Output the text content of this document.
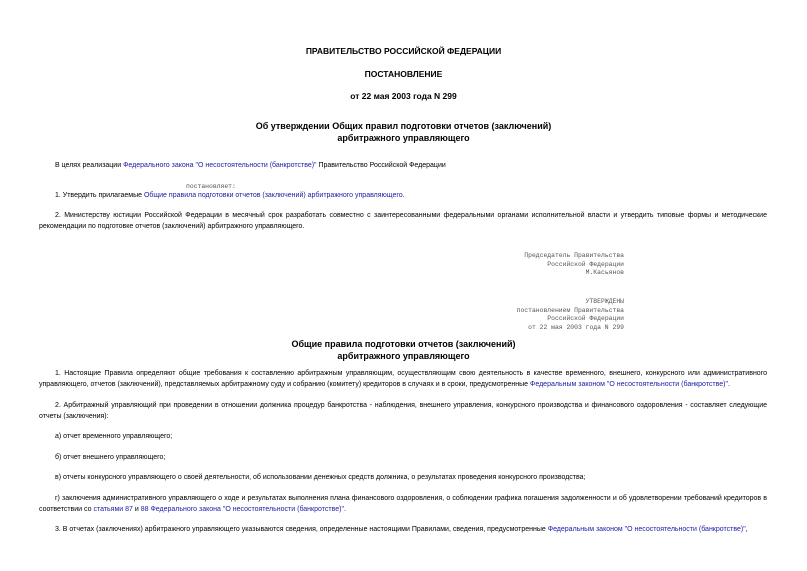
ПРАВИТЕЛЬСТВО РОССИЙСКОЙ ФЕДЕРАЦИИ
ПОСТАНОВЛЕНИЕ
от 22 мая 2003 года N 299
Об утверждении Общих правил подготовки отчетов (заключений)
арбитражного управляющего
В целях реализации Федерального закона "О несостоятельности (банкротстве)" Правительство Российской Федерации
постановляет:
1. Утвердить прилагаемые Общие правила подготовки отчетов (заключений) арбитражного управляющего.
2. Министерству юстиции Российской Федерации в месячный срок разработать совместно с заинтересованными федеральными органами исполнительной власти и утвердить типовые формы и методические рекомендации по подготовке отчетов (заключений) арбитражного управляющего.
Председатель Правительства
Российской Федерации
М.Касьянов
УТВЕРЖДЕНЫ
постановлением Правительства
Российской Федерации
от 22 мая 2003 года N 299
Общие правила подготовки отчетов (заключений)
арбитражного управляющего
1. Настоящие Правила определяют общие требования к составлению арбитражным управляющим, осуществляющим свою деятельность в качестве временного, внешнего, конкурсного или административного управляющего, отчетов (заключений), представляемых арбитражному суду и собранию (комитету) кредиторов в случаях и в сроки, предусмотренные Федеральным законом "О несостоятельности (банкротстве)".
2. Арбитражный управляющий при проведении в отношении должника процедур банкротства - наблюдения, внешнего управления, конкурсного производства и финансового оздоровления - составляет следующие отчеты (заключения):
а) отчет временного управляющего;
б) отчет внешнего управляющего;
в) отчеты конкурсного управляющего о своей деятельности, об использовании денежных средств должника, о результатах проведения конкурсного производства;
г) заключения административного управляющего о ходе и результатах выполнения плана финансового оздоровления, о соблюдении графика погашения задолженности и об удовлетворении требований кредиторов в соответствии со статьями 87 и 88 Федерального закона "О несостоятельности (банкротстве)".
3. В отчетах (заключениях) арбитражного управляющего указываются сведения, определенные настоящими Правилами, сведения, предусмотренные Федеральным законом "О несостоятельности (банкротстве)",
